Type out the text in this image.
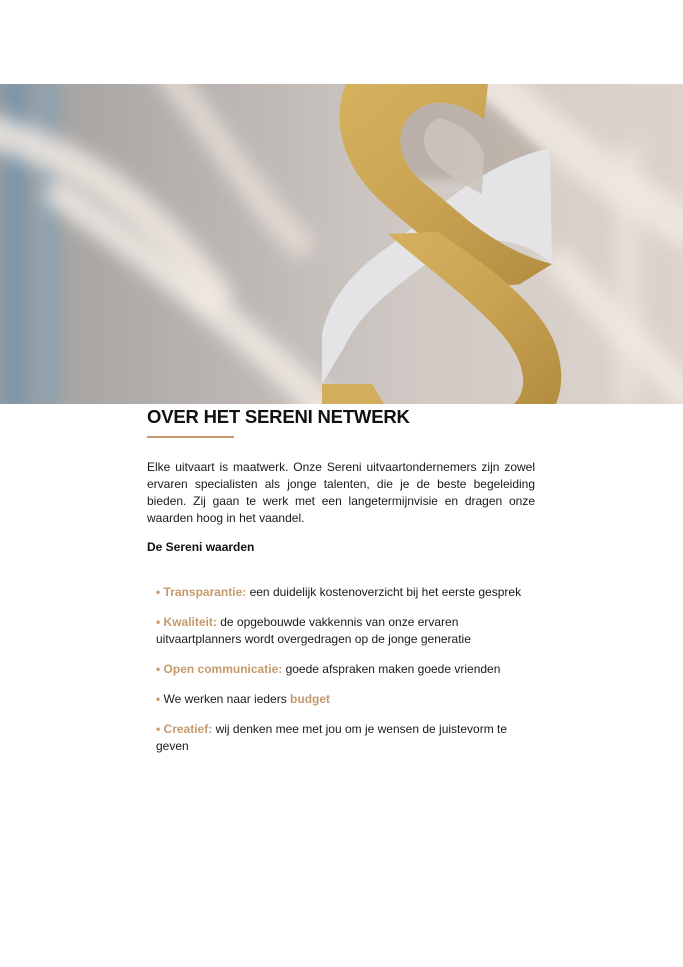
OVER HET SERENI NETWERK

Elke uitvaart is maatwerk. Onze Sereni uitvaartondernemers zijn zowel ervaren specialisten als jonge talenten, die je de beste begeleiding bieden. Zij gaan te werk met een langetermijnvisie en dragen onze waarden hoog in het vaandel.

De Sereni waarden

• Transparantie: een duidelijk kostenoverzicht bij het eerste gesprek
• Kwaliteit: de opgebouwde vakkennis van onze ervaren uitvaartplanners wordt overgedragen op de jonge generatie
• Open communicatie: goede afspraken maken goede vrienden
• We werken naar ieders budget
• Creatief: wij denken mee met jou om je wensen de juistevorm te geven
